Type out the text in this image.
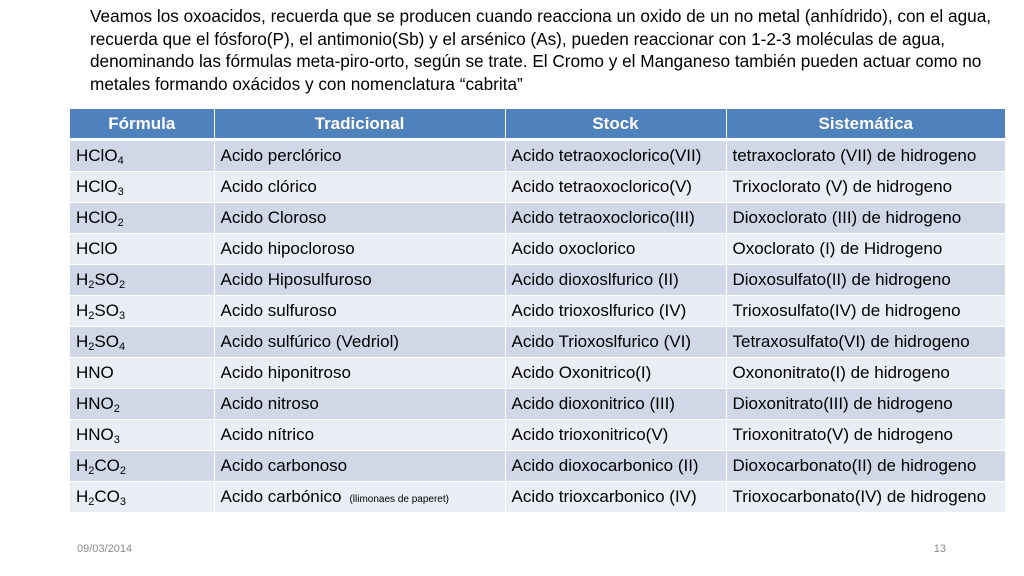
Veamos los oxoacidos, recuerda que se producen cuando reacciona un oxido de un no metal (anhídrido), con el agua, recuerda que el fósforo(P), el antimonio(Sb) y el arsénico (As), pueden reaccionar con 1-2-3 moléculas de agua, denominando las fórmulas meta-piro-orto, según se trate. El Cromo y el Manganeso también pueden actuar como no metales formando oxácidos y con nomenclatura “cabrita”

Fórmula	Tradicional	Stock	Sistemática
HClO$_4$	Acido perclórico	Acido tetraoxoclorico(VII)	tetraxoclorato (VII) de hidrogeno
HClO$_3$	Acido clórico	Acido tetraoxoclorico(V)	Trixoclorato (V) de hidrogeno
HClO$_2$	Acido Cloroso	Acido tetraoxoclorico(III)	Dioxoclorato (III) de hidrogeno
HClO	Acido hipocloroso	Acido oxoclorico	Oxoclorato (I) de Hidrogeno
$H_2SO_2$	Acido Hiposulfuroso	Acido dioxoslfurico (II)	Dioxosulfato(II) de hidrogeno
$H_2SO_3$	Acido sulfuroso	Acido trioxoslfurico (IV)	Trioxosulfato(IV) de hidrogeno
$H_2SO_4$	Acido sulfúrico (Vedriol)	Acido Trioxoslfurico (VI)	Tetraxosulfato(VI) de hidrogeno
HNO	Acido hiponitroso	Acido Oxonitrico(I)	Oxononitrato(I) de hidrogeno
$HNO_2$	Acido nitroso	Acido dioxonitrico (III)	Dioxonitrato(III) de hidrogeno
$HNO_3$	Acido nítrico	Acido trioxonitrico(V)	Trioxonitrato(V) de hidrogeno
$H_2CO_2$	Acido carbonoso	Acido dioxocarbonico (II)	Dioxocarbonato(II) de hidrogeno
$H_2CO_3$	Acido carbónico (llimonaes de paperet)	Acido trioxcarbonico (IV)	Trioxocarbonato(IV) de hidrogeno
09/03/2014	13
